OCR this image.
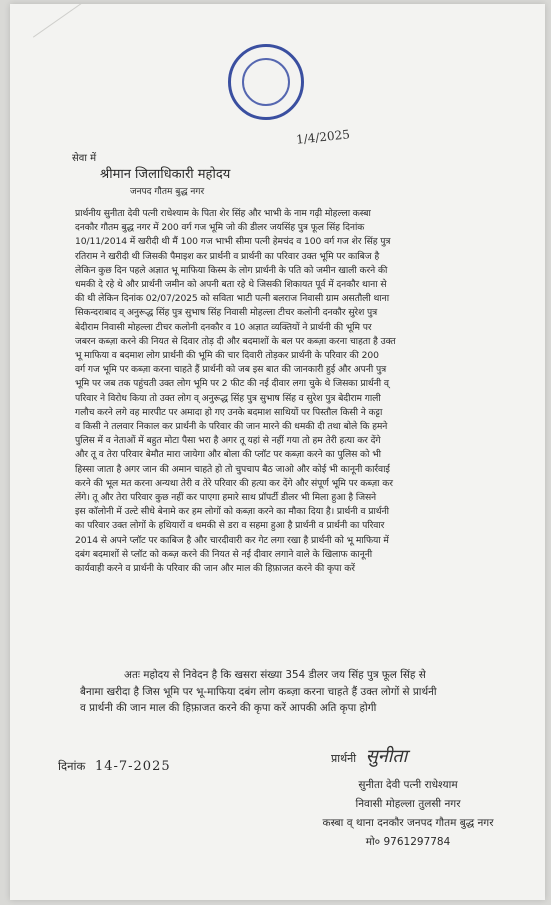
1/4/2025
सेवा में
श्रीमान जिलाधिकारी महोदय
जनपद गौतम बुद्ध नगर
प्रार्थनीय सुनीता देवी पत्नी राधेश्याम के पिता शेर सिंह और भाभी के नाम गढ़ी मोहल्ला कस्बा
दनकौर गौतम बुद्ध नगर में 200 वर्ग गज भूमि जो की डीलर जयसिंह पुत्र फूल सिंह दिनांक
10/11/2014 में खरीदी थी मैं 100 गज भाभी सीमा पत्नी हेमचंद व 100 वर्ग गज शेर सिंह पुत्र
रतिराम ने खरीदी थी जिसकी पैमाइश कर प्रार्थनी व प्रार्थनी का परिवार उक्त भूमि पर काबिज है
लेकिन कुछ दिन पहले अज्ञात भू माफिया किस्म के लोग प्रार्थनी के पति को जमीन खाली करने की
धमकी दे रहे थे और प्रार्थनी जमीन को अपनी बता रहे थे जिसकी शिकायत पूर्व में दनकौर थाना से
की थी लेकिन दिनांक 02/07/2025 को सविता भाटी पत्नी बलराज निवासी ग्राम असतौली थाना
सिकन्दराबाद व् अनुरूद्ध सिंह पुत्र सुभाष सिंह निवासी मोहल्ला टीचर कलोनी दनकौर सुरेश पुत्र
बेदीराम निवासी मोहल्ला टीचर कलोनी दनकौर व 10 अज्ञात व्यक्तियों ने प्रार्थनी की भूमि पर
जबरन कब्ज़ा करने की नियत से दिवार तोड़ दी और बदमाशों के बल पर कब्ज़ा करना चाहता है उक्त
भू माफिया व बदमाश लोग प्रार्थनी की भूमि की चार दिवारी तोड़कर प्रार्थनी के परिवार की 200
वर्ग गज भूमि पर कब्ज़ा करना चाहते हैं प्रार्थनी को जब इस बात की जानकारी हुई और अपनी पुत्र
भूमि पर जब तक पहुंचती उक्त लोग भूमि पर 2 फीट की नई दीवार लगा चुके थे जिसका प्रार्थनी व्
परिवार ने विरोध किया तो उक्त लोग व् अनुरूद्ध सिंह पुत्र सुभाष सिंह व सुरेश पुत्र बेदीराम गाली
गलौच करने लगे वह मारपीट पर अमादा हो गए उनके बदमाश साथियों पर पिस्तौल किसी ने कट्टा
व किसी ने तलवार निकाल कर प्रार्थनी के परिवार की जान मारने की धमकी दी तथा बोले कि हमने
पुलिस में व नेताओं में बहुत मोटा पैसा भरा है अगर तू यहां से नहीं गया तो हम तेरी हत्या कर देंगे
और तू व तेरा परिवार बेमौत मारा जायेगा और बोला की प्लॉट पर कब्ज़ा करने का पुलिस को भी
हिस्सा जाता है अगर जान की अमान चाहते हो तो चुपचाप बैठ जाओ और कोई भी कानूनी कार्रवाई
करने की भूल मत करना अन्यथा तेरी व तेरे परिवार की हत्या कर देंगे और संपूर्ण भूमि पर कब्ज़ा कर
लेंगे। तू और तेरा परिवार कुछ नहीं कर पाएगा हमारे साथ प्रॉपर्टी डीलर भी मिला हुआ है जिसने
इस कॉलोनी में उल्टे सीधे बेनामे कर हम लोगों को कब्ज़ा करने का मौका दिया है। प्रार्थनी व प्रार्थनी
का परिवार उक्त लोगों के हथियारों व धमकी से डरा व सहमा हुआ है प्रार्थनी व प्रार्थनी का परिवार
2014 से अपने प्लॉट पर काबिज है और चारदीवारी कर गेट लगा रखा है प्रार्थनी को भू माफिया में
दबंग बदमाशों से प्लॉट को कब्ज़ करने की नियत से नई दीवार लगाने वाले के खिलाफ कानूनी
कार्यवाही करने व प्रार्थनी के परिवार की जान और माल की हिफ़ाजत करने की कृपा करें
अतः महोदय से निवेदन है कि खसरा संख्या 354 डीलर जय सिंह पुत्र फूल सिंह से
बैनामा खरीदा है जिस भूमि पर भू-माफिया दबंग लोग कब्ज़ा करना चाहते हैं उक्त लोगों से प्रार्थनी
व प्रार्थनी की जान माल की हिफ़ाजत करने की कृपा करें आपकी अति कृपा होगी
दिनांक 14-7-2025
प्रार्थनी सुनीता
सुनीता देवी पत्नी राधेश्याम
निवासी मोहल्ला तुलसी नगर
कस्बा व् थाना दनकौर जनपद गौतम बुद्ध नगर
मो० 9761297784
